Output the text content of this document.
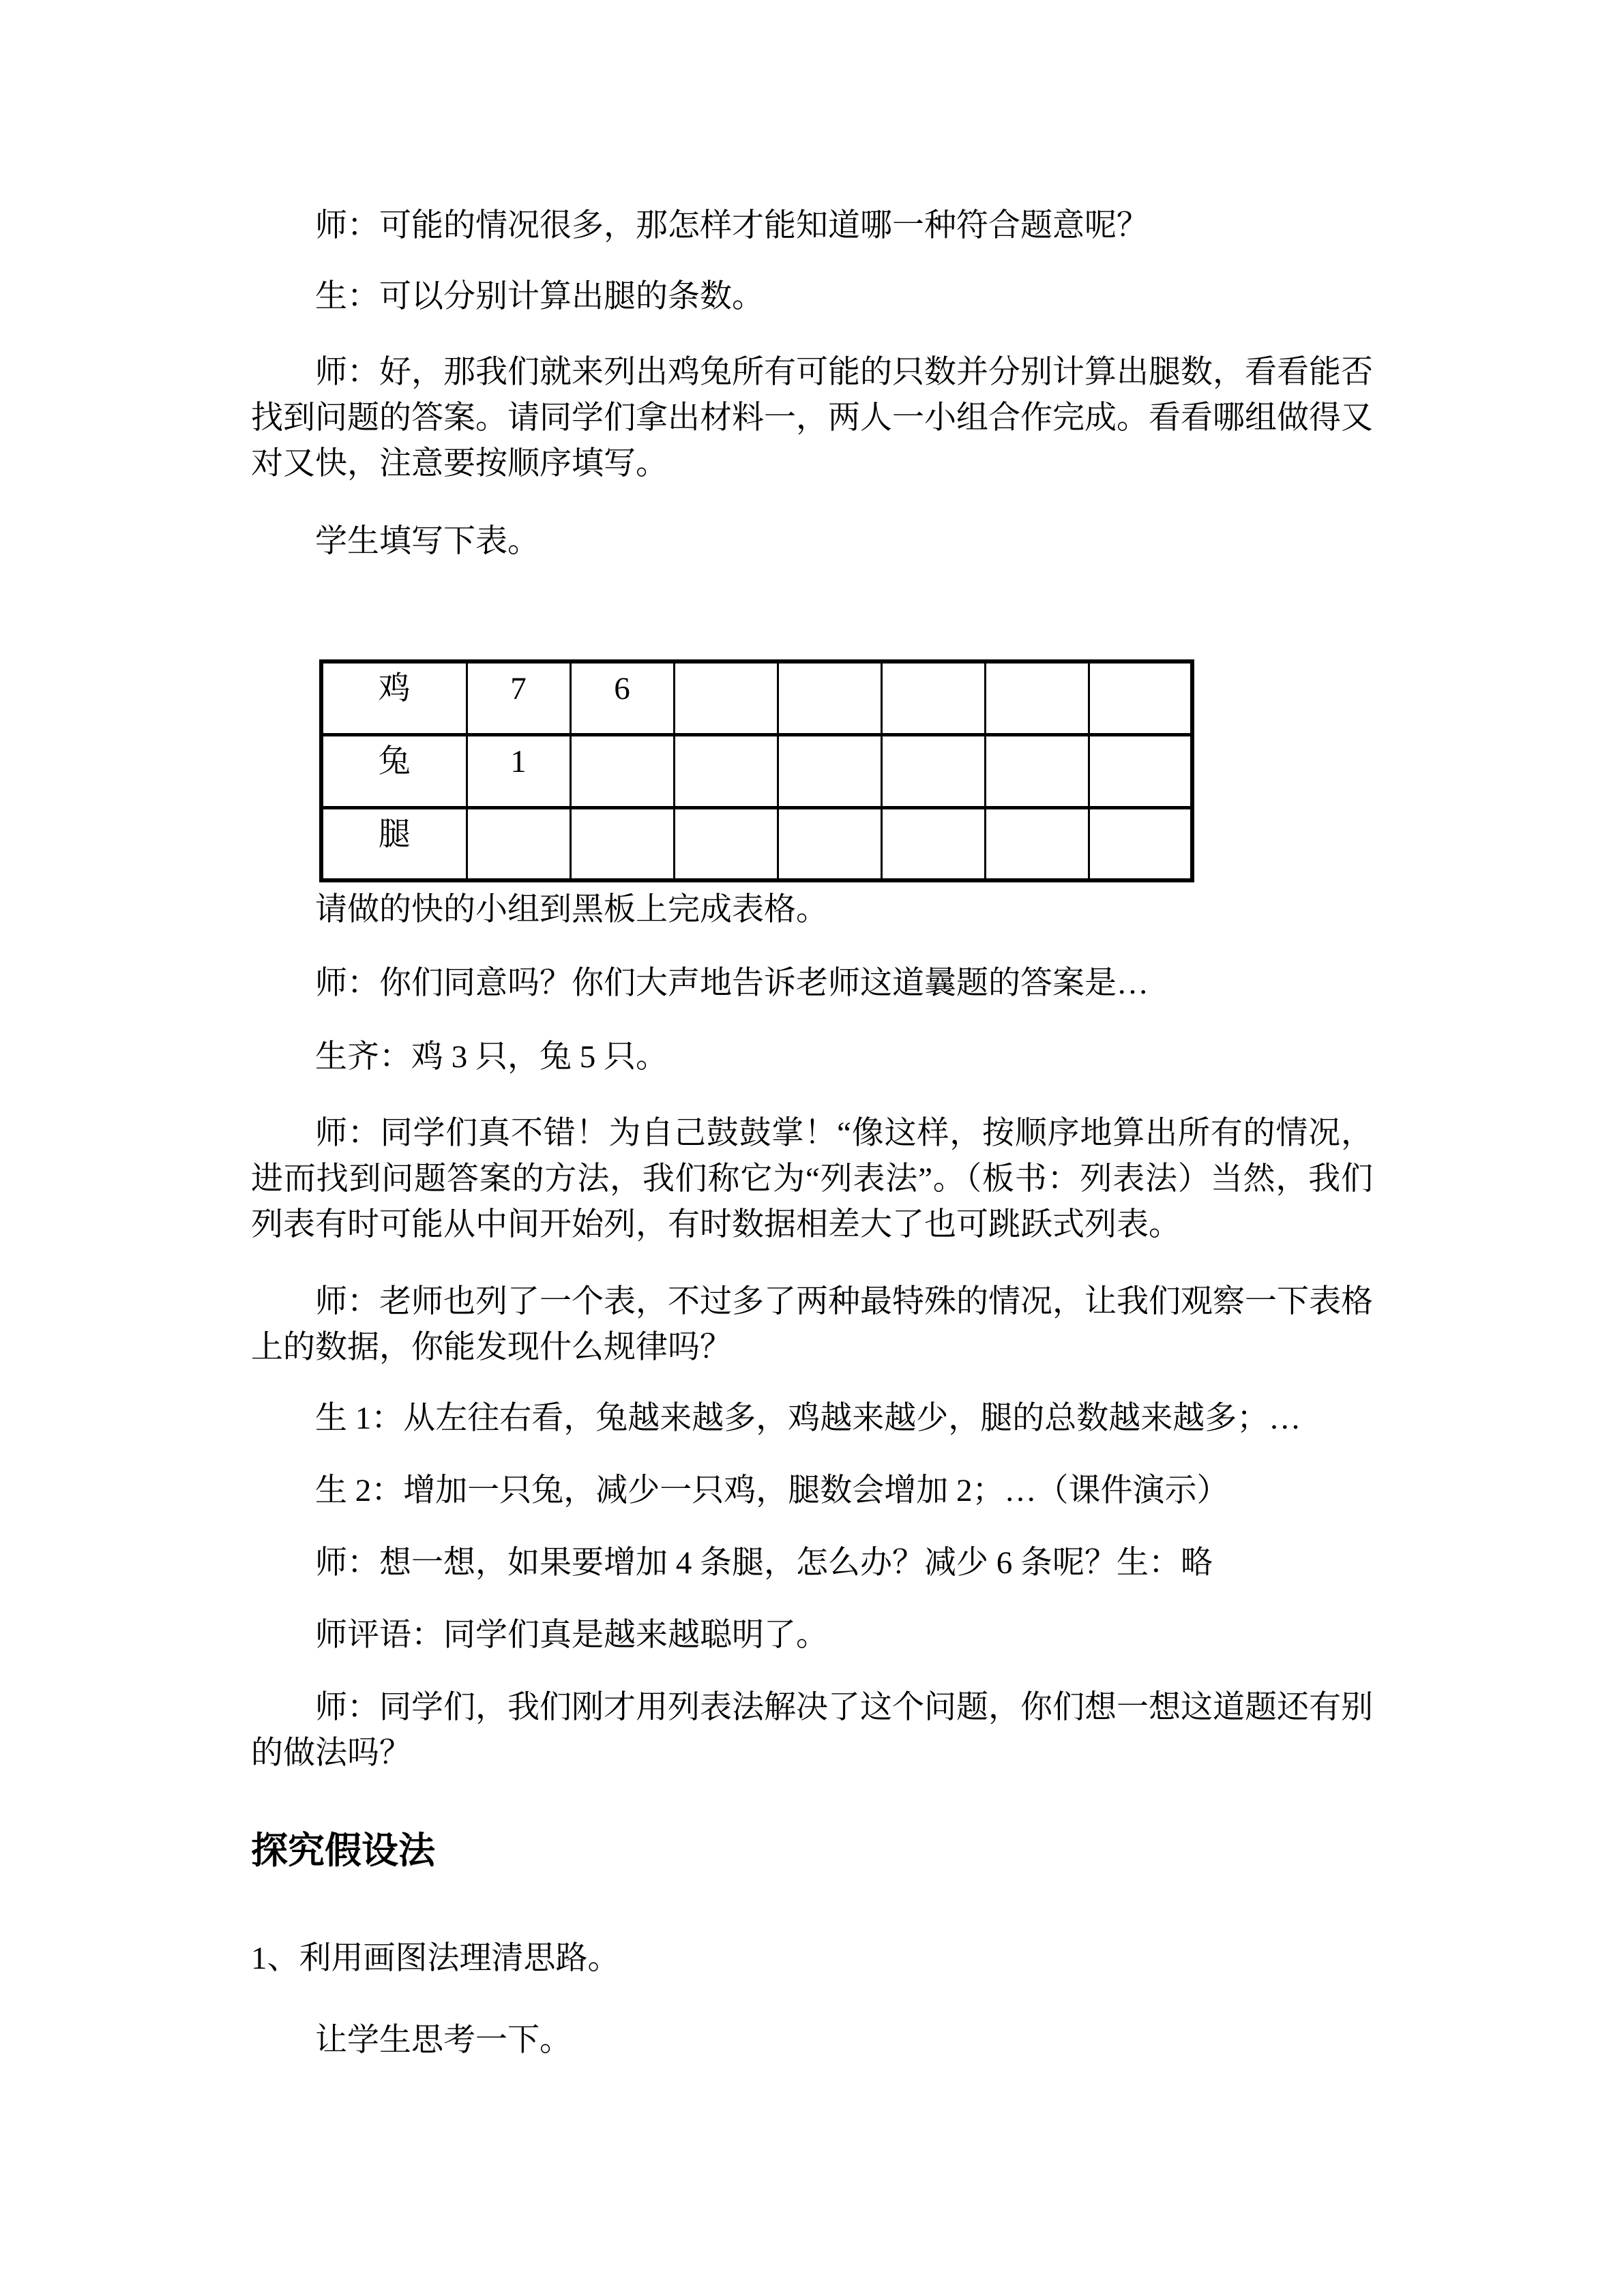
师：可能的情况很多，那怎样才能知道哪一种符合题意呢？

生：可以分别计算出腿的条数。

师：好，那我们就来列出鸡兔所有可能的只数并分别计算出腿数，看看能否找到问题的答案。请同学们拿出材料一，两人一小组合作完成。看看哪组做得又对又快，注意要按顺序填写。

学生填写下表。

鸡	7	6					
兔	1						
腿							

请做的快的小组到黑板上完成表格。

师：你们同意吗？你们大声地告诉老师这道曩题的答案是…

生齐：鸡 3 只，兔 5 只。

师：同学们真不错！为自己鼓鼓掌！“像这样，按顺序地算出所有的情况，进而找到问题答案的方法，我们称它为“列表法”。（板书：列表法）当然，我们列表有时可能从中间开始列，有时数据相差大了也可跳跃式列表。

师：老师也列了一个表，不过多了两种最特殊的情况，让我们观察一下表格上的数据，你能发现什么规律吗？

生 1：从左往右看，兔越来越多，鸡越来越少，腿的总数越来越多；…

生 2：增加一只兔，减少一只鸡，腿数会增加 2；…（课件演示）

师：想一想，如果要增加 4 条腿，怎么办？减少 6 条呢？生：略

师评语：同学们真是越来越聪明了。

师：同学们，我们刚才用列表法解决了这个问题，你们想一想这道题还有别的做法吗？

探究假设法

1、利用画图法理清思路。

让学生思考一下。
